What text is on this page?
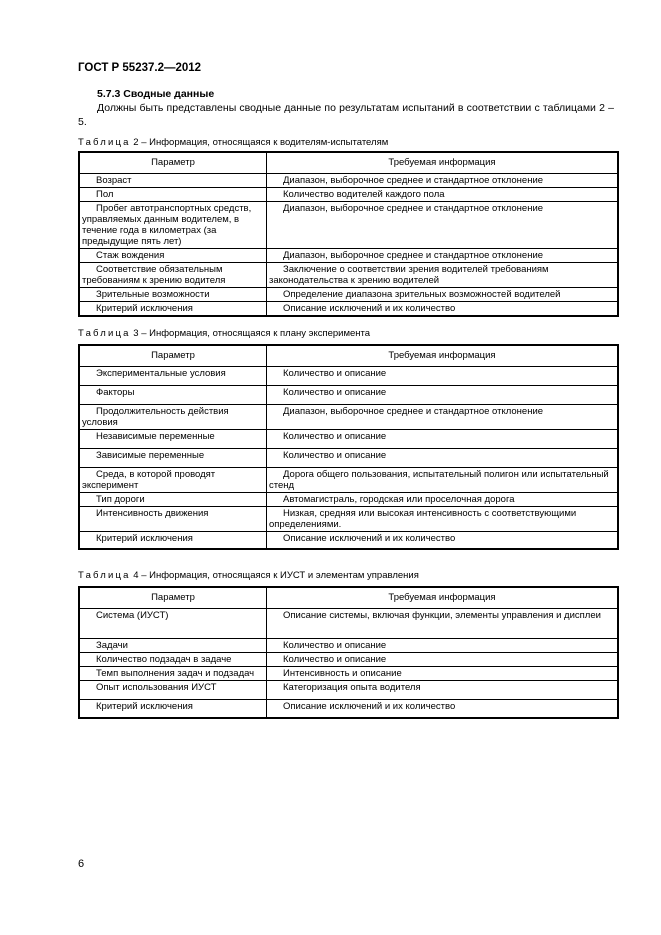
ГОСТ Р 55237.2—2012
5.7.3 Сводные данные
Должны быть представлены сводные данные по результатам испытаний в соответствии с таблицами 2 – 5.
Таблица 2 – Информация, относящаяся к водителям-испытателям
Параметр	Требуемая информация
Возраст	Диапазон, выборочное среднее и стандартное отклонение
Пол	Количество водителей каждого пола
Пробег автотранспортных средств, управляемых данным водителем, в течение года в километрах (за предыдущие пять лет)	Диапазон, выборочное среднее и стандартное отклонение
Стаж вождения	Диапазон, выборочное среднее и стандартное отклонение
Соответствие обязательным требованиям к зрению водителя	Заключение о соответствии зрения водителей требованиям законодательства к зрению водителей
Зрительные возможности	Определение диапазона зрительных возможностей водителей
Критерий исключения	Описание исключений и их количество
Таблица 3 – Информация, относящаяся к плану эксперимента
Параметр	Требуемая информация
Экспериментальные условия	Количество и описание
Факторы	Количество и описание
Продолжительность действия условия	Диапазон, выборочное среднее и стандартное отклонение
Независимые переменные	Количество и описание
Зависимые переменные	Количество и описание
Среда, в которой проводят эксперимент	Дорога общего пользования, испытательный полигон или испытательный стенд
Тип дороги	Автомагистраль, городская или проселочная дорога
Интенсивность движения	Низкая, средняя или высокая интенсивность с соответствующими определениями.
Критерий исключения	Описание исключений и их количество
Таблица 4 – Информация, относящаяся к ИУСТ и элементам управления
Параметр	Требуемая информация
Система (ИУСТ)	Описание системы, включая функции, элементы управления и дисплеи
Задачи	Количество и описание
Количество подзадач в задаче	Количество и описание
Темп выполнения задач и подзадач	Интенсивность и описание
Опыт использования ИУСТ	Категоризация опыта водителя
Критерий исключения	Описание исключений и их количество
6
